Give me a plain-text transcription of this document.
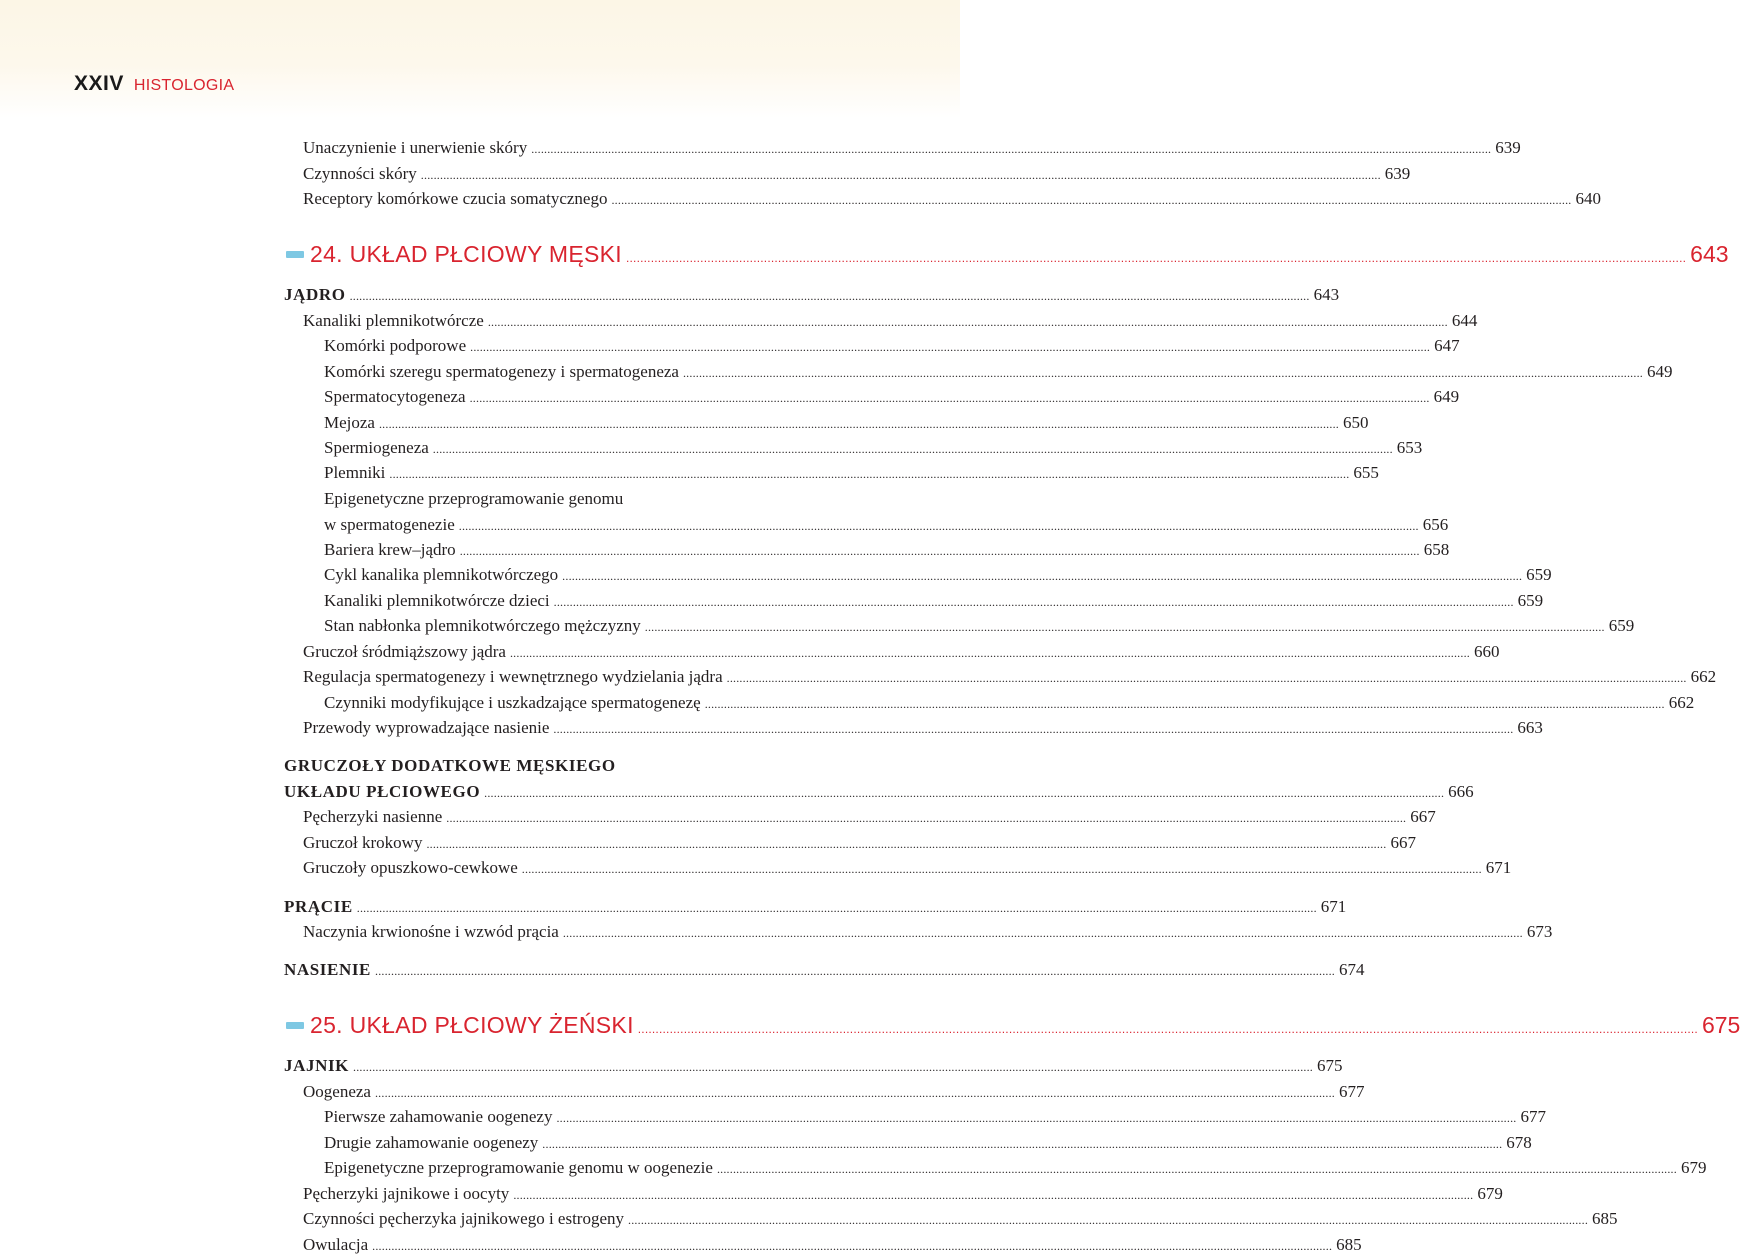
XXIV HISTOLOGIA
Unaczynienie i unerwienie skóry ............................................................................................................................................................................................................................................................................................................ 639
Czynności skóry ............................................................................................................................................................................................................................................................................................................ 639
Receptory komórkowe czucia somatycznego ............................................................................................................................................................................................................................................................................................................ 640
24. UKŁAD PŁCIOWY MĘSKI ............................................................................................................................................................................................................................................................................................................ 643
JĄDRO ............................................................................................................................................................................................................................................................................................................ 643
Kanaliki plemnikotwórcze ............................................................................................................................................................................................................................................................................................................ 644
Komórki podporowe ............................................................................................................................................................................................................................................................................................................ 647
Komórki szeregu spermatogenezy i spermatogeneza ............................................................................................................................................................................................................................................................................................................ 649
Spermatocytogeneza ............................................................................................................................................................................................................................................................................................................ 649
Mejoza ............................................................................................................................................................................................................................................................................................................ 650
Spermiogeneza ............................................................................................................................................................................................................................................................................................................ 653
Plemniki ............................................................................................................................................................................................................................................................................................................ 655
Epigenetyczne przeprogramowanie genomu
w spermatogenezie ............................................................................................................................................................................................................................................................................................................ 656
Bariera krew–jądro ............................................................................................................................................................................................................................................................................................................ 658
Cykl kanalika plemnikotwórczego ............................................................................................................................................................................................................................................................................................................ 659
Kanaliki plemnikotwórcze dzieci ............................................................................................................................................................................................................................................................................................................ 659
Stan nabłonka plemnikotwórczego mężczyzny ............................................................................................................................................................................................................................................................................................................ 659
Gruczoł śródmiąższowy jądra ............................................................................................................................................................................................................................................................................................................ 660
Regulacja spermatogenezy i wewnętrznego wydzielania jądra ............................................................................................................................................................................................................................................................................................................ 662
Czynniki modyfikujące i uszkadzające spermatogenezę ............................................................................................................................................................................................................................................................................................................ 662
Przewody wyprowadzające nasienie ............................................................................................................................................................................................................................................................................................................ 663
GRUCZOŁY DODATKOWE MĘSKIEGO
UKŁADU PŁCIOWEGO ............................................................................................................................................................................................................................................................................................................ 666
Pęcherzyki nasienne ............................................................................................................................................................................................................................................................................................................ 667
Gruczoł krokowy ............................................................................................................................................................................................................................................................................................................ 667
Gruczoły opuszkowo-cewkowe ............................................................................................................................................................................................................................................................................................................ 671
PRĄCIE ............................................................................................................................................................................................................................................................................................................ 671
Naczynia krwionośne i wzwód prącia ............................................................................................................................................................................................................................................................................................................ 673
NASIENIE ............................................................................................................................................................................................................................................................................................................ 674
25. UKŁAD PŁCIOWY ŻEŃSKI ............................................................................................................................................................................................................................................................................................................ 675
JAJNIK ............................................................................................................................................................................................................................................................................................................ 675
Oogeneza ............................................................................................................................................................................................................................................................................................................ 677
Pierwsze zahamowanie oogenezy ............................................................................................................................................................................................................................................................................................................ 677
Drugie zahamowanie oogenezy ............................................................................................................................................................................................................................................................................................................ 678
Epigenetyczne przeprogramowanie genomu w oogenezie ............................................................................................................................................................................................................................................................................................................ 679
Pęcherzyki jajnikowe i oocyty ............................................................................................................................................................................................................................................................................................................ 679
Czynności pęcherzyka jajnikowego i estrogeny ............................................................................................................................................................................................................................................................................................................ 685
Owulacja ............................................................................................................................................................................................................................................................................................................ 685
